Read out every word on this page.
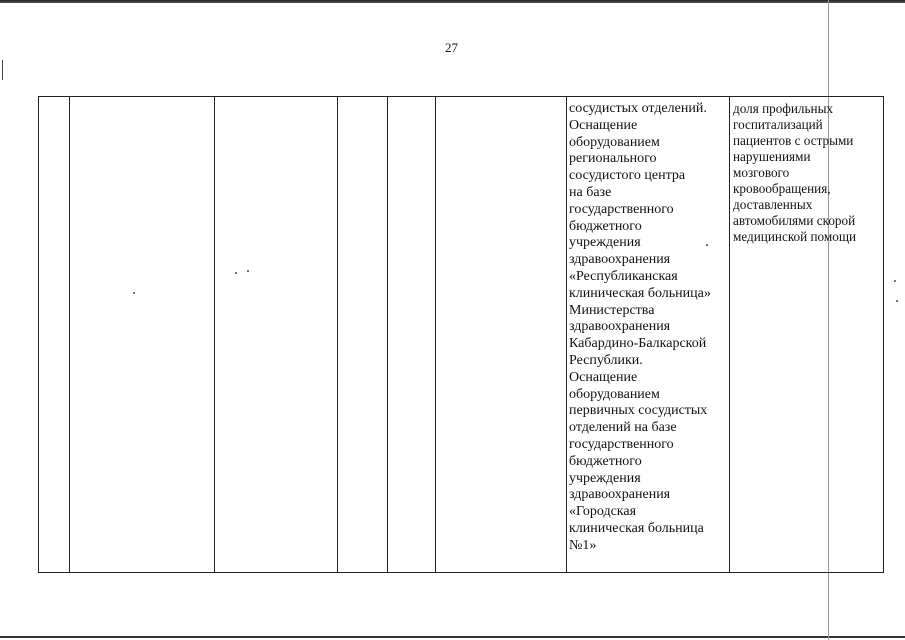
27
сосудистых отделений.
Оснащение
оборудованием
регионального
сосудистого центра
на базе
государственного
бюджетного
учреждения
здравоохранения
«Республиканская
клиническая больница»
Министерства
здравоохранения
Кабардино-Балкарской
Республики.
Оснащение
оборудованием
первичных сосудистых
отделений на базе
государственного
бюджетного
учреждения
здравоохранения
«Городская
клиническая больница
№1»
доля профильных
госпитализаций
пациентов с острыми
нарушениями
мозгового
кровообращения,
доставленных
автомобилями скорой
медицинской помощи
